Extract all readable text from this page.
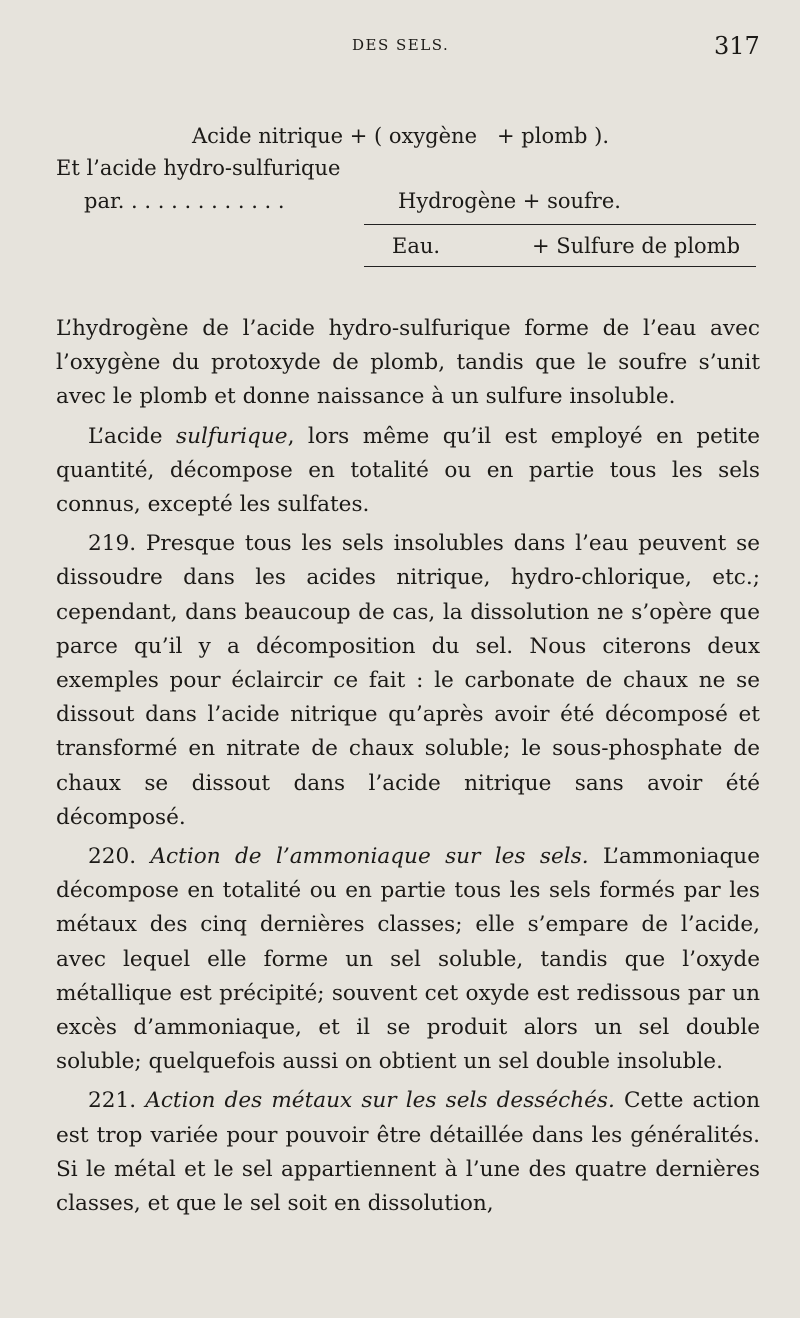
DES SELS.	317
Acide nitrique + ( oxygène   + plomb ).
Et l’acide hydro-sulfurique
par. . . . . . . . . . . . .	Hydrogène + soufre.
Eau.	+ Sulfure de plomb

L’hydrogène de l’acide hydro-sulfurique forme de l’eau avec l’oxygène du protoxyde de plomb, tandis que le soufre s’unit avec le plomb et donne naissance à un sulfure insoluble.

L’acide sulfurique, lors même qu’il est employé en petite quantité, décompose en totalité ou en partie tous les sels connus, excepté les sulfates.

219. Presque tous les sels insolubles dans l’eau peuvent se dissoudre dans les acides nitrique, hydro-chlorique, etc.; cependant, dans beaucoup de cas, la dissolution ne s’opère que parce qu’il y a décomposition du sel. Nous citerons deux exemples pour éclaircir ce fait : le carbonate de chaux ne se dissout dans l’acide nitrique qu’après avoir été décomposé et transformé en nitrate de chaux soluble; le sous-phosphate de chaux se dissout dans l’acide nitrique sans avoir été décomposé.

220. Action de l’ammoniaque sur les sels. L’ammoniaque décompose en totalité ou en partie tous les sels formés par les métaux des cinq dernières classes; elle s’empare de l’acide, avec lequel elle forme un sel soluble, tandis que l’oxyde métallique est précipité; souvent cet oxyde est redissous par un excès d’ammoniaque, et il se produit alors un sel double soluble; quelquefois aussi on obtient un sel double insoluble.

221. Action des métaux sur les sels desséchés. Cette action est trop variée pour pouvoir être détaillée dans les généralités. Si le métal et le sel appartiennent à l’une des quatre dernières classes, et que le sel soit en dissolution,
